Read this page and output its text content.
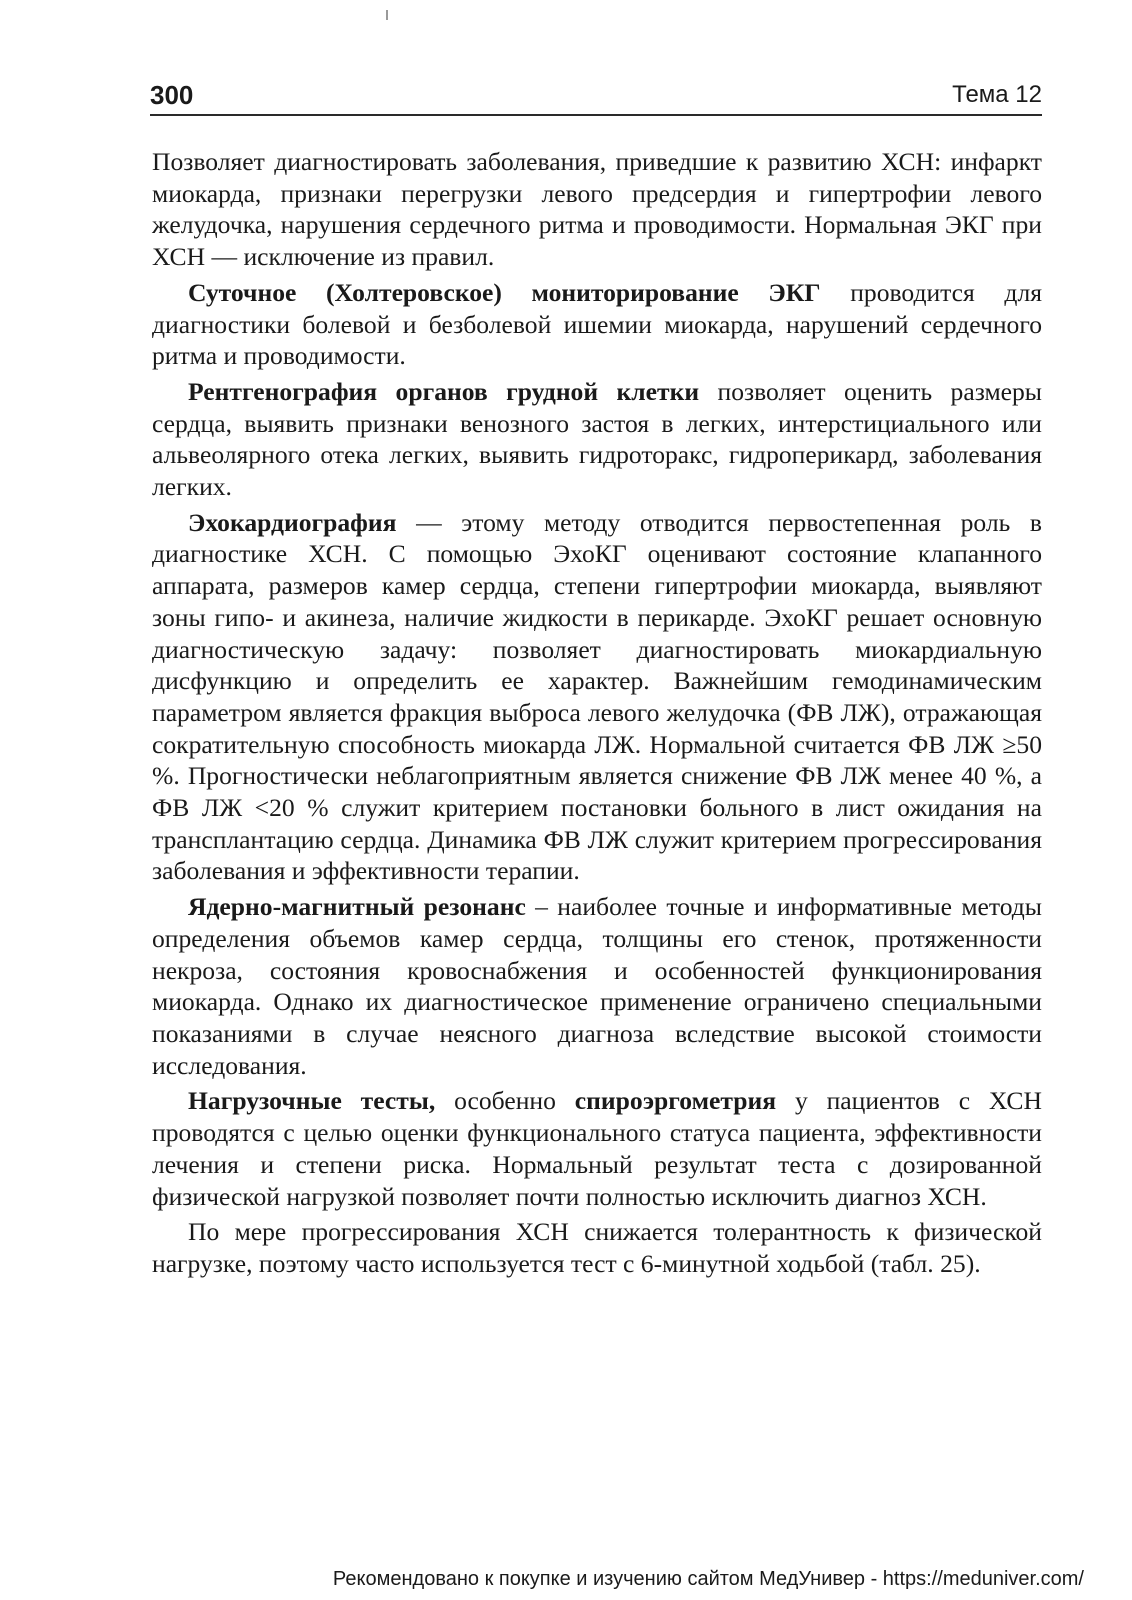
300	Тема 12

Позволяет диагностировать заболевания, приведшие к развитию ХСН: инфаркт миокарда, признаки перегрузки левого предсердия и гипертрофии левого желудочка, нарушения сердечного ритма и проводимости. Нормальная ЭКГ при ХСН — исключение из правил.

Суточное (Холтеровское) мониторирование ЭКГ проводится для диагностики болевой и безболевой ишемии миокарда, нарушений сердечного ритма и проводимости.

Рентгенография органов грудной клетки позволяет оценить размеры сердца, выявить признаки венозного застоя в легких, интерстициального или альвеолярного отека легких, выявить гидроторакс, гидроперикард, заболевания легких.

Эхокардиография — этому методу отводится первостепенная роль в диагностике ХСН. С помощью ЭхоКГ оценивают состояние клапанного аппарата, размеров камер сердца, степени гипертрофии миокарда, выявляют зоны гипо- и акинеза, наличие жидкости в перикарде. ЭхоКГ решает основную диагностическую задачу: позволяет диагностировать миокардиальную дисфункцию и определить ее характер. Важнейшим гемодинамическим параметром является фракция выброса левого желудочка (ФВ ЛЖ), отражающая сократительную способность миокарда ЛЖ. Нормальной считается ФВ ЛЖ ≥50 %. Прогностически неблагоприятным является снижение ФВ ЛЖ менее 40 %, а ФВ ЛЖ <20 % служит критерием постановки больного в лист ожидания на трансплантацию сердца. Динамика ФВ ЛЖ служит критерием прогрессирования заболевания и эффективности терапии.

Ядерно-магнитный резонанс – наиболее точные и информативные методы определения объемов камер сердца, толщины его стенок, протяженности некроза, состояния кровоснабжения и особенностей функционирования миокарда. Однако их диагностическое применение ограничено специальными показаниями в случае неясного диагноза вследствие высокой стоимости исследования.

Нагрузочные тесты, особенно спироэргометрия у пациентов с ХСН проводятся с целью оценки функционального статуса пациента, эффективности лечения и степени риска. Нормальный результат теста с дозированной физической нагрузкой позволяет почти полностью исключить диагноз ХСН.

По мере прогрессирования ХСН снижается толерантность к физической нагрузке, поэтому часто используется тест с 6-минутной ходьбой (табл. 25).

Рекомендовано к покупке и изучению сайтом МедУнивер - https://meduniver.com/
